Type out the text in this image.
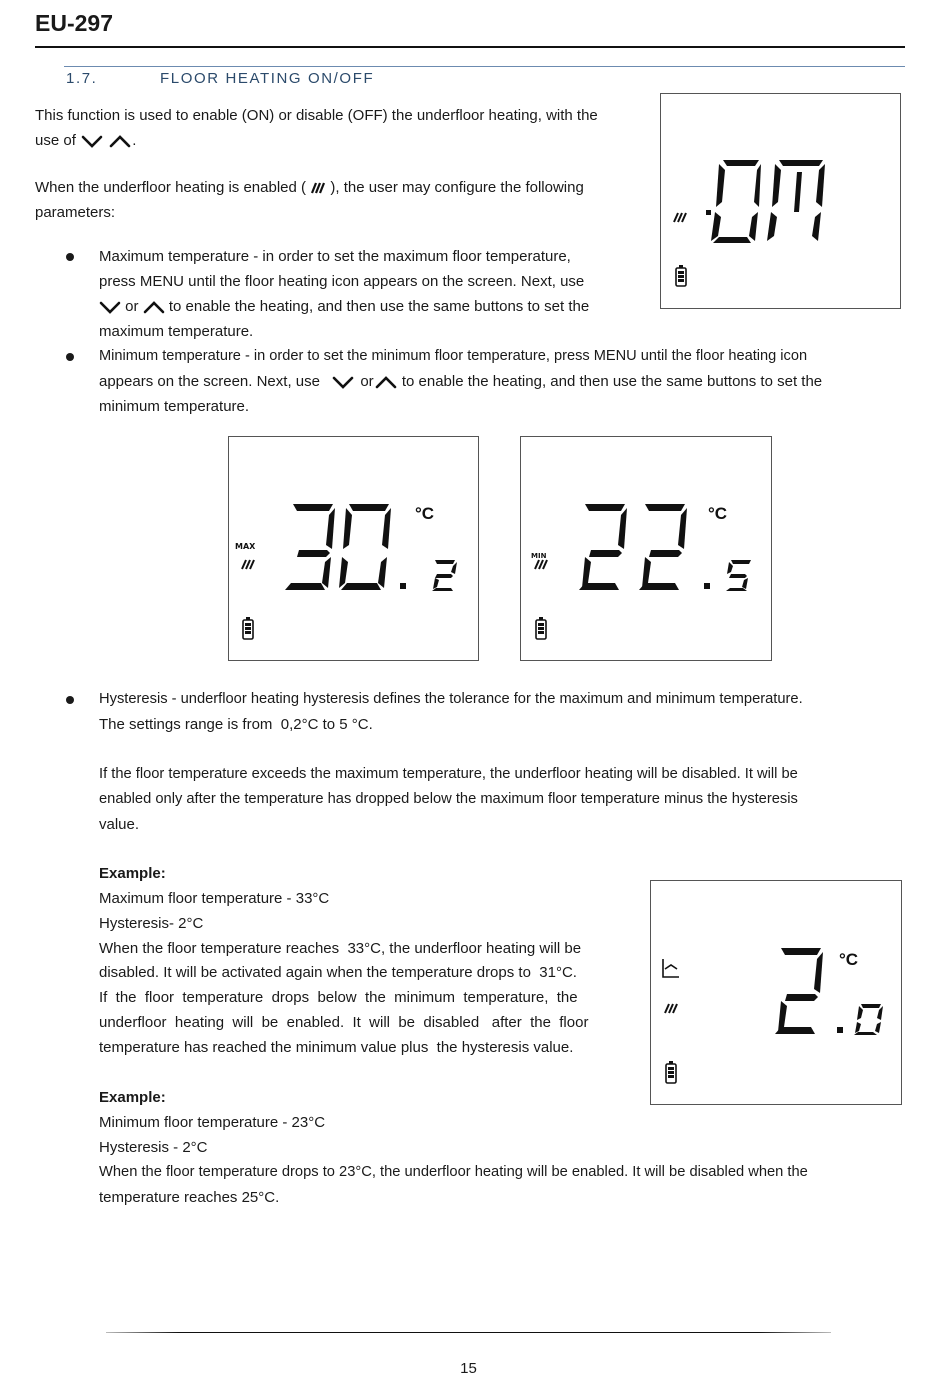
EU-297
1.7.	FLOOR HEATING ON/OFF
This function is used to enable (ON) or disable (OFF) the underfloor heating, with the
use of	.
When the underfloor heating is enabled ( ), the user may configure the following
parameters:
Maximum temperature - in order to set the maximum floor temperature,
press MENU until the floor heating icon appears on the screen. Next, use
or to enable the heating, and then use the same buttons to set the
maximum temperature.
Minimum temperature - in order to set the minimum floor temperature, press MENU until the floor heating icon
appears on the screen. Next, use	or to enable the heating, and then use the same buttons to set the
minimum temperature.
MAX
°C
MIN
°C
Hysteresis - underfloor heating hysteresis defines the tolerance for the maximum and minimum temperature.
The settings range is from  0,2°C to 5 °C.
If the floor temperature exceeds the maximum temperature, the underfloor heating will be disabled. It will be
enabled only after the temperature has dropped below the maximum floor temperature minus the hysteresis
value.
Example:
Maximum floor temperature - 33°C
Hysteresis- 2°C
When the floor temperature reaches  33°C, the underfloor heating will be
disabled. It will be activated again when the temperature drops to  31°C.
If  the  floor  temperature  drops  below  the  minimum  temperature,  the
underfloor  heating  will  be  enabled.  It  will  be  disabled   after  the  floor
temperature has reached the minimum value plus  the hysteresis value.
°C
Example:
Minimum floor temperature - 23°C
Hysteresis - 2°C
When the floor temperature drops to 23°C, the underfloor heating will be enabled. It will be disabled when the
temperature reaches 25°C.
15
